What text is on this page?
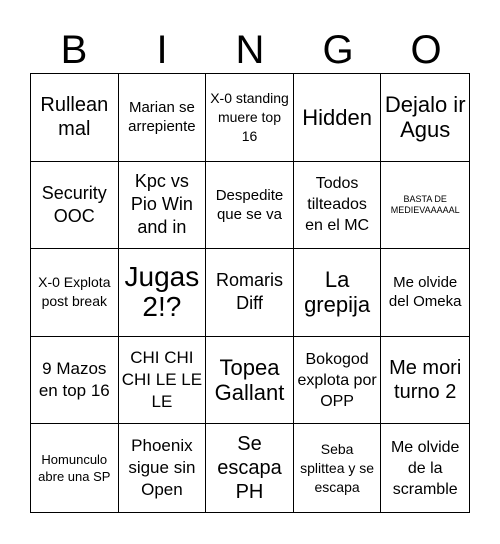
B	I	N	G	O
Rullean mal
Marian se arrepiente
X-0 standing muere top 16
Hidden Dejalo ir Agus
Security OOC
Kpc vs Pio Win and in
Despedite que se va
Todos tilteados en el MC
BASTA DE MEDIEVAAAAAL
X-0 Explota post break
Jugas 2!?
Romaris Diff
La grepija
Me olvide del Omeka
9 Mazos en top 16
CHI CHI CHI LE LE LE
Topea Gallant
Bokogod explota por OPP
Me mori turno 2
Homunculo abre una SP
Phoenix sigue sin Open
Se escapa PH
Seba splittea y se escapa
Me olvide de la scramble
